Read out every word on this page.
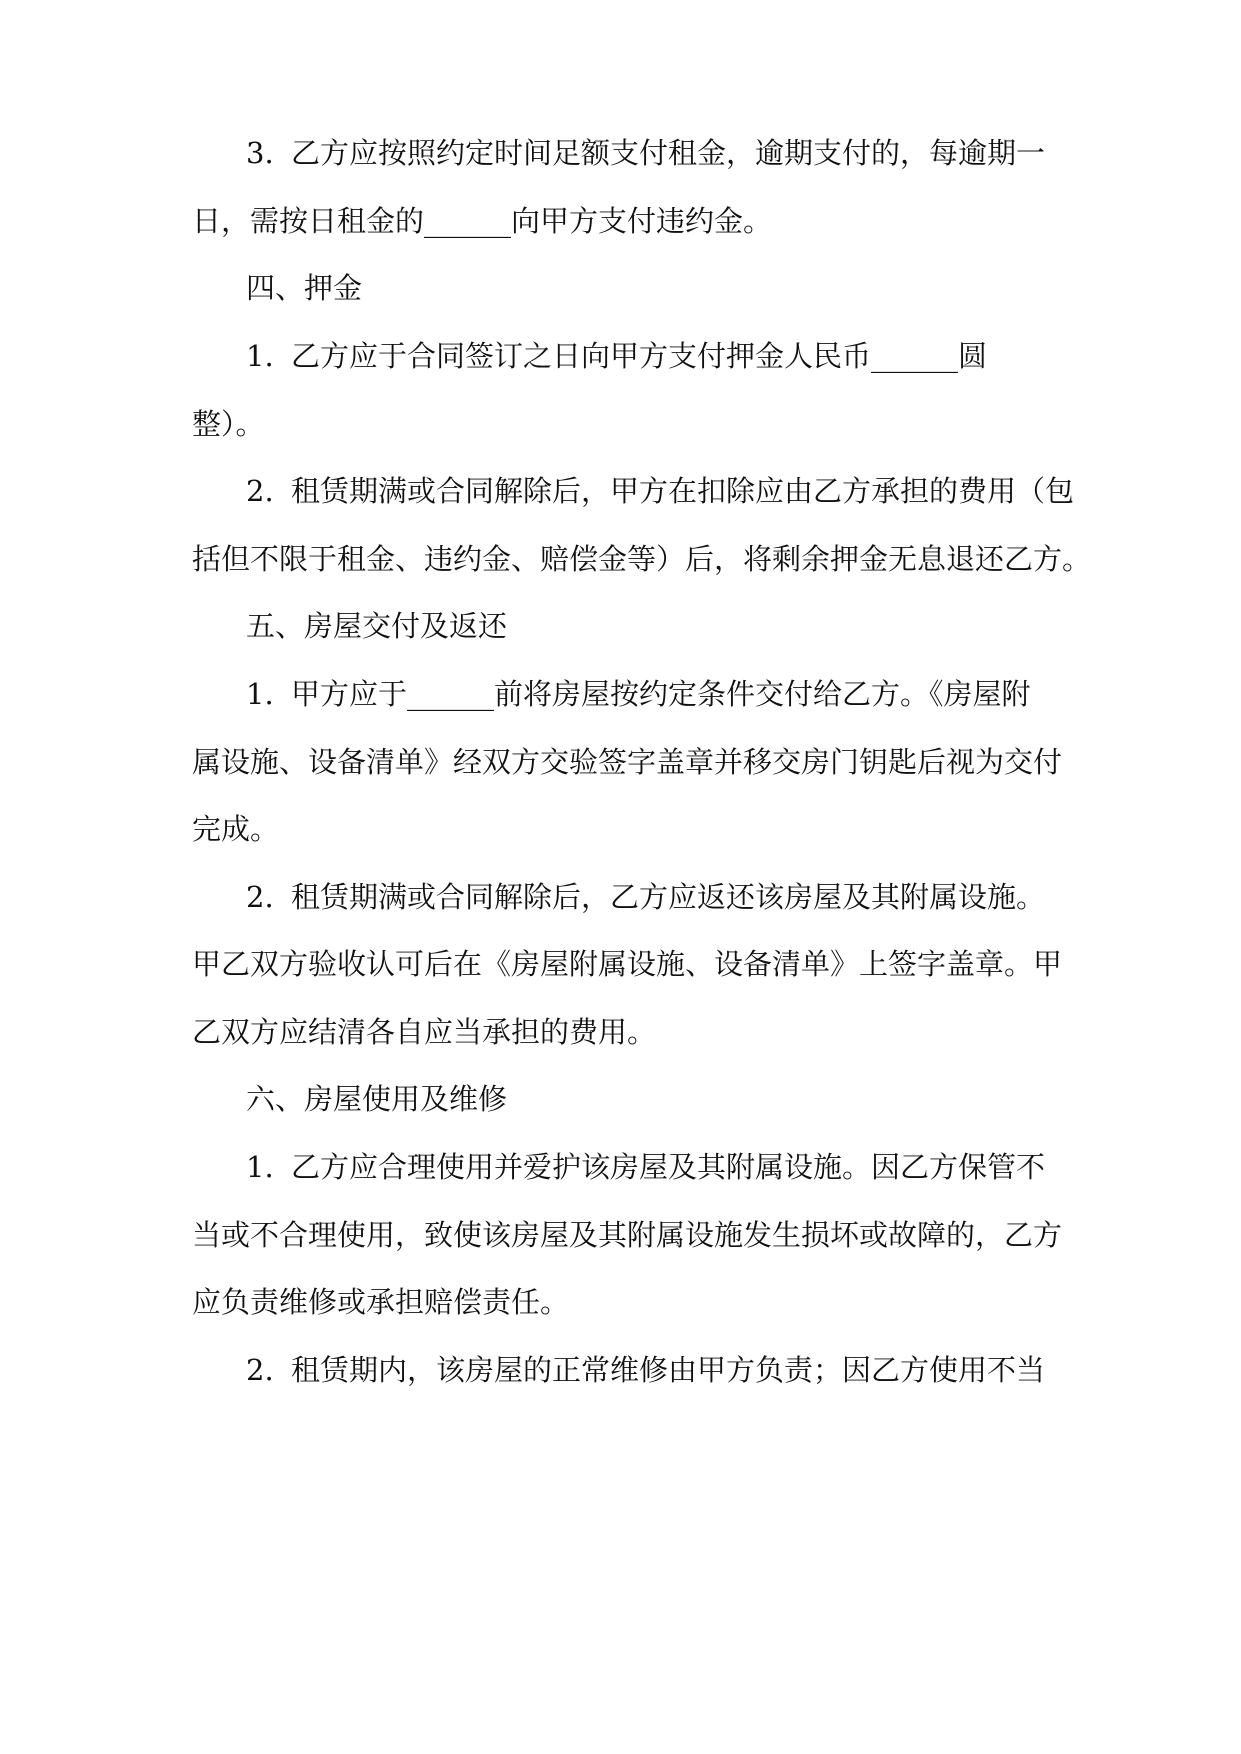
3. 乙方应按照约定时间足额支付租金，逾期支付的，每逾期一
日，需按日租金的______向甲方支付违约金。
四、押金
1. 乙方应于合同签订之日向甲方支付押金人民币______圆
整）。
2. 租赁期满或合同解除后，甲方在扣除应由乙方承担的费用（包
括但不限于租金、违约金、赔偿金等）后，将剩余押金无息退还乙方。
五、房屋交付及返还
1. 甲方应于______前将房屋按约定条件交付给乙方。《房屋附
属设施、设备清单》经双方交验签字盖章并移交房门钥匙后视为交付
完成。
2. 租赁期满或合同解除后，乙方应返还该房屋及其附属设施。
甲乙双方验收认可后在《房屋附属设施、设备清单》上签字盖章。甲
乙双方应结清各自应当承担的费用。
六、房屋使用及维修
1. 乙方应合理使用并爱护该房屋及其附属设施。因乙方保管不
当或不合理使用，致使该房屋及其附属设施发生损坏或故障的，乙方
应负责维修或承担赔偿责任。
2. 租赁期内，该房屋的正常维修由甲方负责；因乙方使用不当
